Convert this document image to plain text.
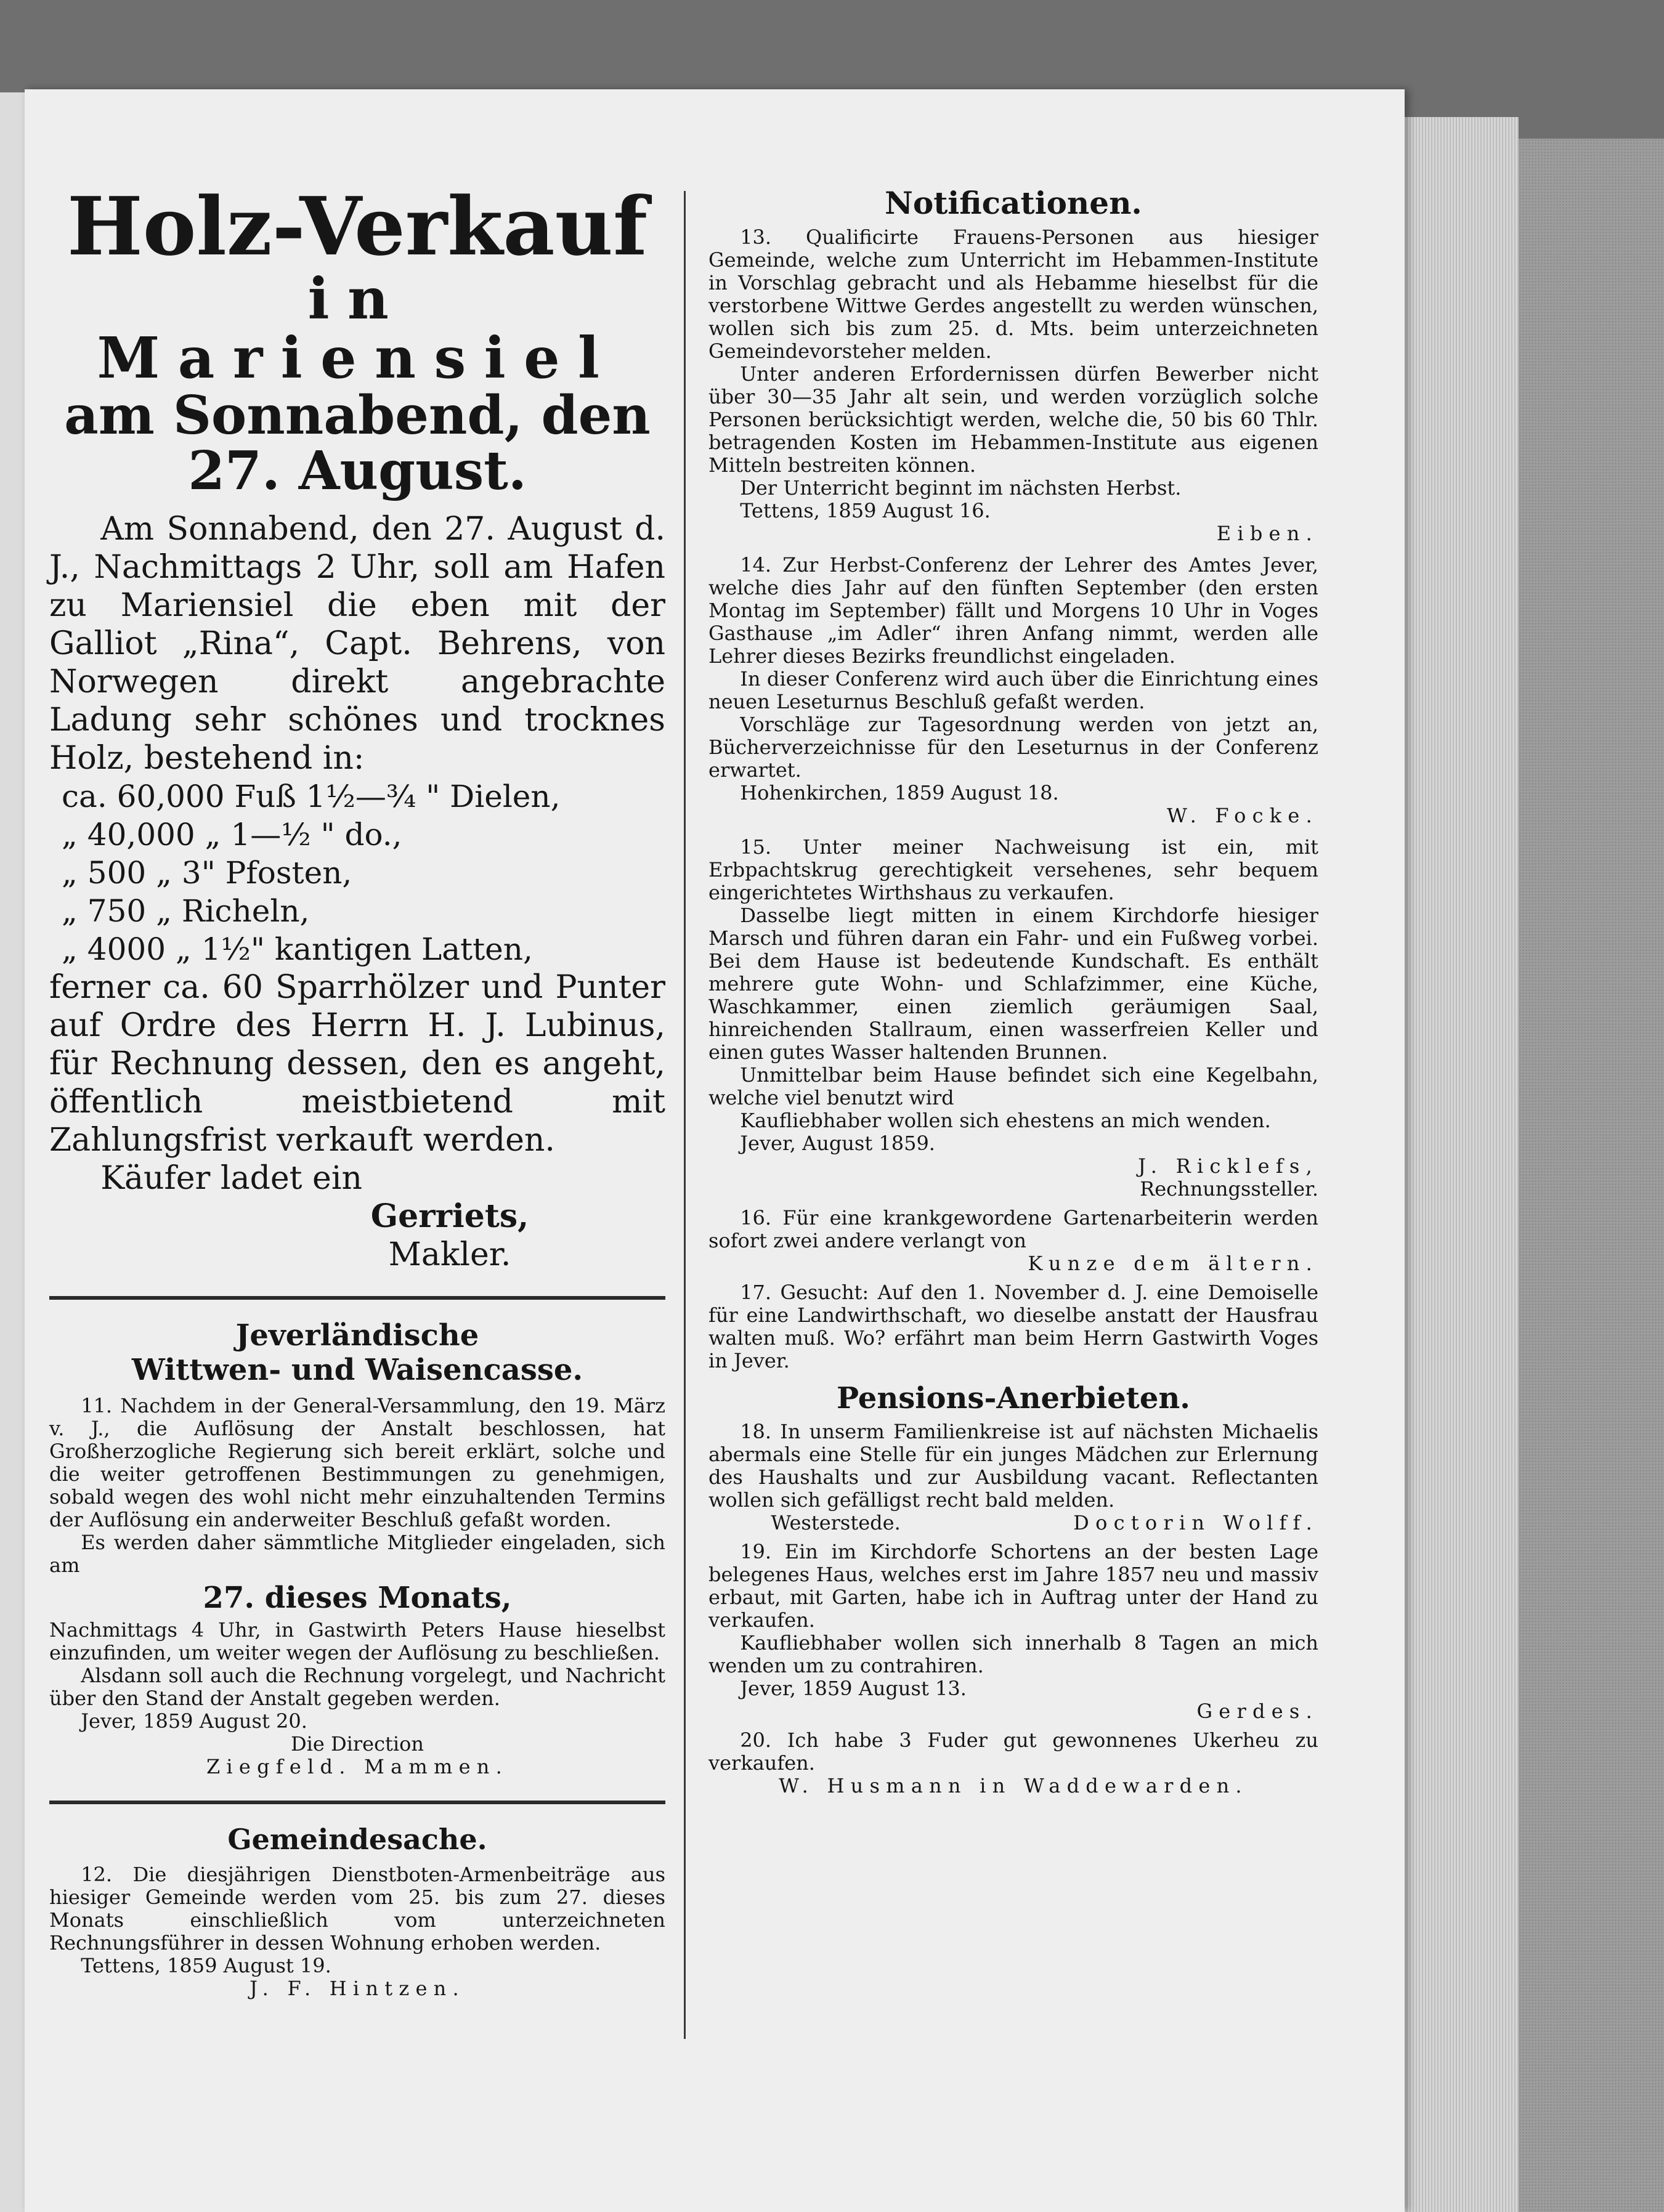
Holz-Verkauf

in Mariensiel

am Sonnabend, den

27. August.

Am Sonnabend, den 27. August d. J., Nachmittags 2 Uhr, soll am Hafen zu Mariensiel die eben mit der Galliot „Rina“, Capt. Behrens, von Norwegen direkt angebrachte Ladung sehr schönes und trocknes Holz, bestehend in:

ca. 60,000 Fuß 1½—¾ " Dielen,
„ 40,000 „ 1—½ " do.,
„ 500 „ 3" Pfosten,
„ 750 „ Richeln,
„ 4000 „ 1½" kantigen Latten,

ferner ca. 60 Sparrhölzer und Punter auf Ordre des Herrn H. J. Lubinus, für Rechnung dessen, den es angeht, öffentlich meistbietend mit Zahlungsfrist verkauft werden.

Käufer ladet ein

Gerriets,

Makler.

Jeverländische

Wittwen- und Waisencasse.

11. Nachdem in der General-Versammlung, den 19. März v. J., die Auflösung der Anstalt beschlossen, hat Großherzogliche Regierung sich bereit erklärt, solche und die weiter getroffenen Bestimmungen zu genehmigen, sobald wegen des wohl nicht mehr einzuhaltenden Termins der Auflösung ein anderweiter Beschluß gefaßt worden.

Es werden daher sämmtliche Mitglieder eingeladen, sich am

27. dieses Monats,

Nachmittags 4 Uhr, in Gastwirth Peters Hause hieselbst einzufinden, um weiter wegen der Auflösung zu beschließen.

Alsdann soll auch die Rechnung vorgelegt, und Nachricht über den Stand der Anstalt gegeben werden.

Jever, 1859 August 20.

Die Direction

Ziegfeld. Mammen.

Gemeindesache.

12. Die diesjährigen Dienstboten-Armenbeiträge aus hiesiger Gemeinde werden vom 25. bis zum 27. dieses Monats einschließlich vom unterzeichneten Rechnungsführer in dessen Wohnung erhoben werden.

Tettens, 1859 August 19.

J. F. Hintzen.

Notificationen.

13. Qualificirte Frauens-Personen aus hiesiger Gemeinde, welche zum Unterricht im Hebammen-Institute in Vorschlag gebracht und als Hebamme hieselbst für die verstorbene Wittwe Gerdes angestellt zu werden wünschen, wollen sich bis zum 25. d. Mts. beim unterzeichneten Gemeindevorsteher melden.

Unter anderen Erfordernissen dürfen Bewerber nicht über 30—35 Jahr alt sein, und werden vorzüglich solche Personen berücksichtigt werden, welche die, 50 bis 60 Thlr. betragenden Kosten im Hebammen-Institute aus eigenen Mitteln bestreiten können.

Der Unterricht beginnt im nächsten Herbst.

Tettens, 1859 August 16.

Eiben.

14. Zur Herbst-Conferenz der Lehrer des Amtes Jever, welche dies Jahr auf den fünften September (den ersten Montag im September) fällt und Morgens 10 Uhr in Voges Gasthause „im Adler“ ihren Anfang nimmt, werden alle Lehrer dieses Bezirks freundlichst eingeladen.

In dieser Conferenz wird auch über die Einrichtung eines neuen Leseturnus Beschluß gefaßt werden.

Vorschläge zur Tagesordnung werden von jetzt an, Bücherverzeichnisse für den Leseturnus in der Conferenz erwartet.

Hohenkirchen, 1859 August 18.

W. Focke.

15. Unter meiner Nachweisung ist ein, mit Erbpachtskrug gerechtigkeit versehenes, sehr bequem eingerichtetes Wirthshaus zu verkaufen.

Dasselbe liegt mitten in einem Kirchdorfe hiesiger Marsch und führen daran ein Fahr- und ein Fußweg vorbei. Bei dem Hause ist bedeutende Kundschaft. Es enthält mehrere gute Wohn- und Schlafzimmer, eine Küche, Waschkammer, einen ziemlich geräumigen Saal, hinreichenden Stallraum, einen wasserfreien Keller und einen gutes Wasser haltenden Brunnen.

Unmittelbar beim Hause befindet sich eine Kegelbahn, welche viel benutzt wird

Kaufliebhaber wollen sich ehestens an mich wenden.

Jever, August 1859.

J. Ricklefs,

Rechnungssteller.

16. Für eine krankgewordene Gartenarbeiterin werden sofort zwei andere verlangt von

Kunze dem ältern.

17. Gesucht: Auf den 1. November d. J. eine Demoiselle für eine Landwirthschaft, wo dieselbe anstatt der Hausfrau walten muß. Wo? erfährt man beim Herrn Gastwirth Voges in Jever.

Pensions-Anerbieten.

18. In unserm Familienkreise ist auf nächsten Michaelis abermals eine Stelle für ein junges Mädchen zur Erlernung des Haushalts und zur Ausbildung vacant. Reflectanten wollen sich gefälligst recht bald melden.

Westerstede.	Doctorin Wolff.

19. Ein im Kirchdorfe Schortens an der besten Lage belegenes Haus, welches erst im Jahre 1857 neu und massiv erbaut, mit Garten, habe ich in Auftrag unter der Hand zu verkaufen.

Kaufliebhaber wollen sich innerhalb 8 Tagen an mich wenden um zu contrahiren.

Jever, 1859 August 13.

Gerdes.

20. Ich habe 3 Fuder gut gewonnenes Ukerheu zu verkaufen.

W. Husmann in Waddewarden.
